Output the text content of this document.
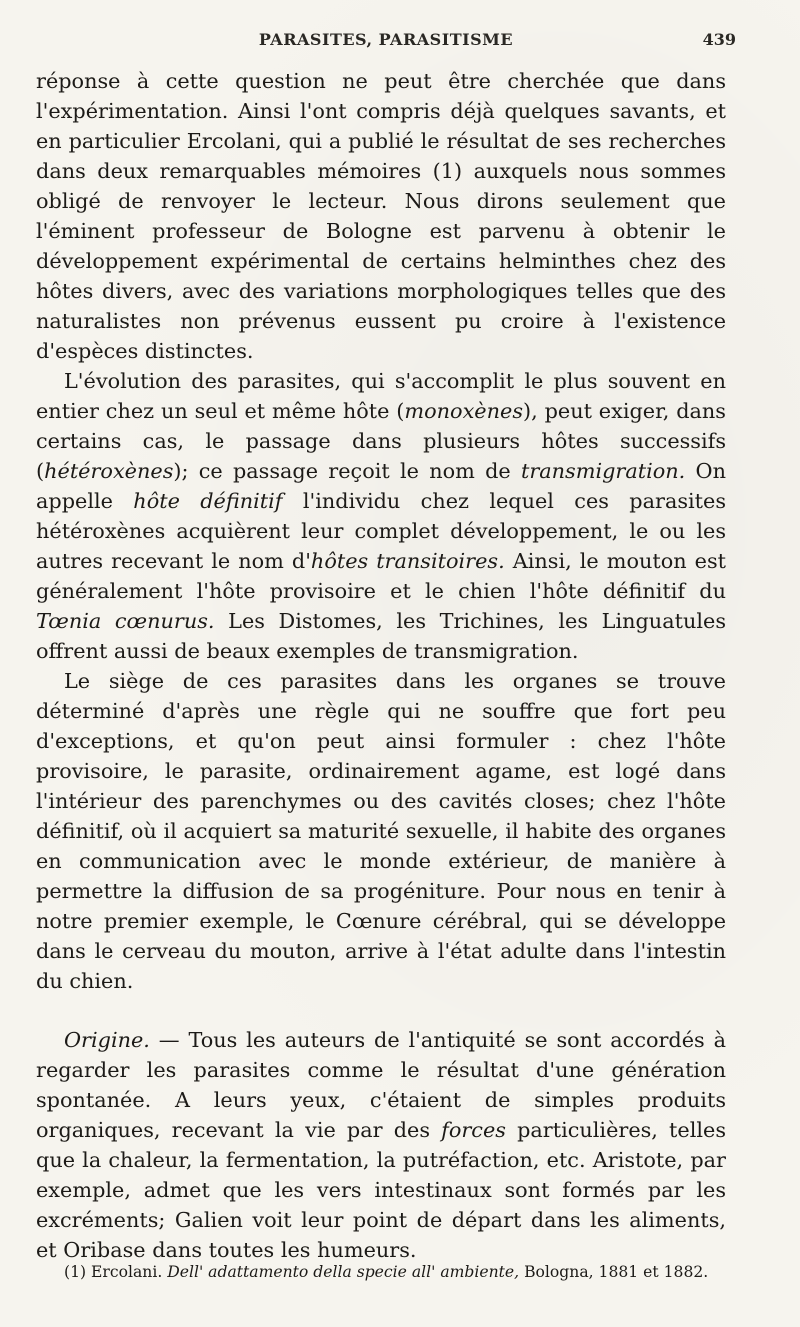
PARASITES, PARASITISME	439

réponse à cette question ne peut être cherchée que dans l'expérimentation. Ainsi l'ont compris déjà quelques savants, et en particulier Ercolani, qui a publié le résultat de ses recherches dans deux remarquables mémoires (1) auxquels nous sommes obligé de renvoyer le lecteur. Nous dirons seulement que l'éminent professeur de Bologne est parvenu à obtenir le développement expérimental de certains helminthes chez des hôtes divers, avec des variations morphologiques telles que des naturalistes non prévenus eussent pu croire à l'existence d'espèces distinctes.

L'évolution des parasites, qui s'accomplit le plus souvent en entier chez un seul et même hôte (monoxènes), peut exiger, dans certains cas, le passage dans plusieurs hôtes successifs (hétéroxènes); ce passage reçoit le nom de transmigration. On appelle hôte définitif l'individu chez lequel ces parasites hétéroxènes acquièrent leur complet développement, le ou les autres recevant le nom d'hôtes transitoires. Ainsi, le mouton est généralement l'hôte provisoire et le chien l'hôte définitif du Tœnia cœnurus. Les Distomes, les Trichines, les Linguatules offrent aussi de beaux exemples de transmigration.

Le siège de ces parasites dans les organes se trouve déterminé d'après une règle qui ne souffre que fort peu d'exceptions, et qu'on peut ainsi formuler : chez l'hôte provisoire, le parasite, ordinairement agame, est logé dans l'intérieur des parenchymes ou des cavités closes; chez l'hôte définitif, où il acquiert sa maturité sexuelle, il habite des organes en communication avec le monde extérieur, de manière à permettre la diffusion de sa progéniture. Pour nous en tenir à notre premier exemple, le Cœnure cérébral, qui se développe dans le cerveau du mouton, arrive à l'état adulte dans l'intestin du chien.

Origine. — Tous les auteurs de l'antiquité se sont accordés à regarder les parasites comme le résultat d'une génération spontanée. A leurs yeux, c'étaient de simples produits organiques, recevant la vie par des forces particulières, telles que la chaleur, la fermentation, la putréfaction, etc. Aristote, par exemple, admet que les vers intestinaux sont formés par les excréments; Galien voit leur point de départ dans les aliments, et Oribase dans toutes les humeurs.

(1) Ercolani. Dell' adattamento della specie all' ambiente, Bologna, 1881 et 1882.
